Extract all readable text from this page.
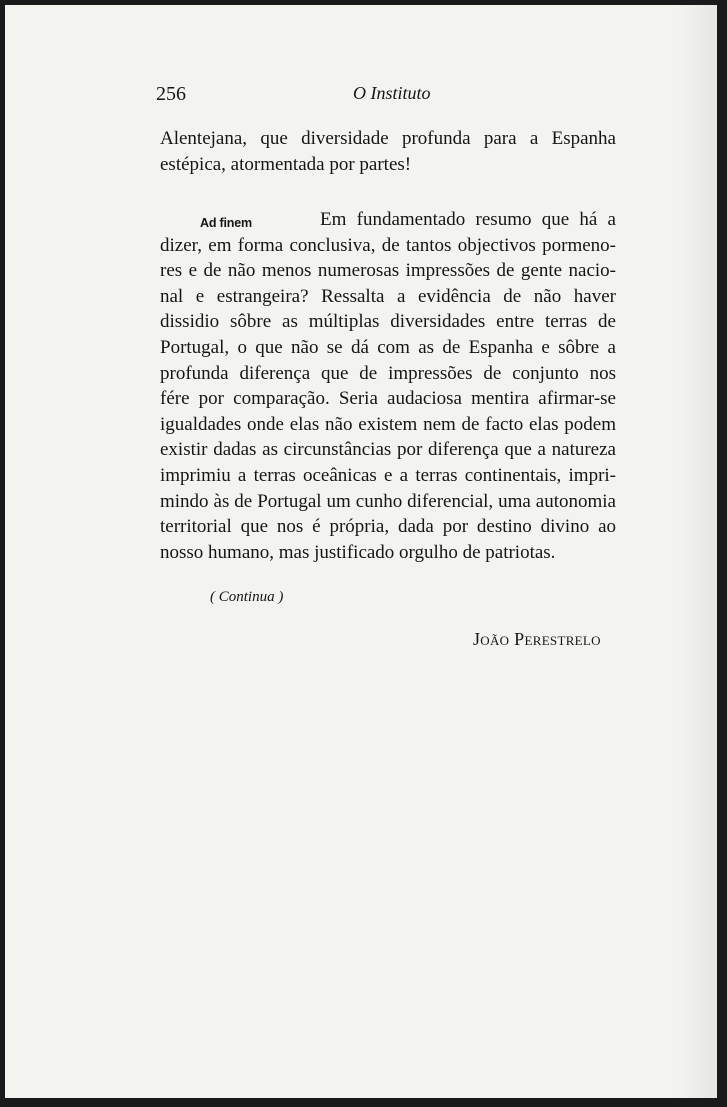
256	O Instituto
Alentejana, que diversidade profunda para a Espanha
estépica, atormentada por partes!
Ad finem	Em fundamentado resumo que há a
dizer, em forma conclusiva, de tantos objectivos pormeno-
res e de não menos numerosas impressões de gente nacio-
nal e estrangeira? Ressalta a evidência de não haver
dissidio sôbre as múltiplas diversidades entre terras de
Portugal, o que não se dá com as de Espanha e sôbre a
profunda diferença que de impressões de conjunto nos
fére por comparação. Seria audaciosa mentira afirmar-se
igualdades onde elas não existem nem de facto elas podem
existir dadas as circunstâncias por diferença que a natureza
imprimiu a terras oceânicas e a terras continentais, impri-
mindo às de Portugal um cunho diferencial, uma autonomia
territorial que nos é própria, dada por destino divino ao
nosso humano, mas justificado orgulho de patriotas.
( Continua )
João Perestrelo
